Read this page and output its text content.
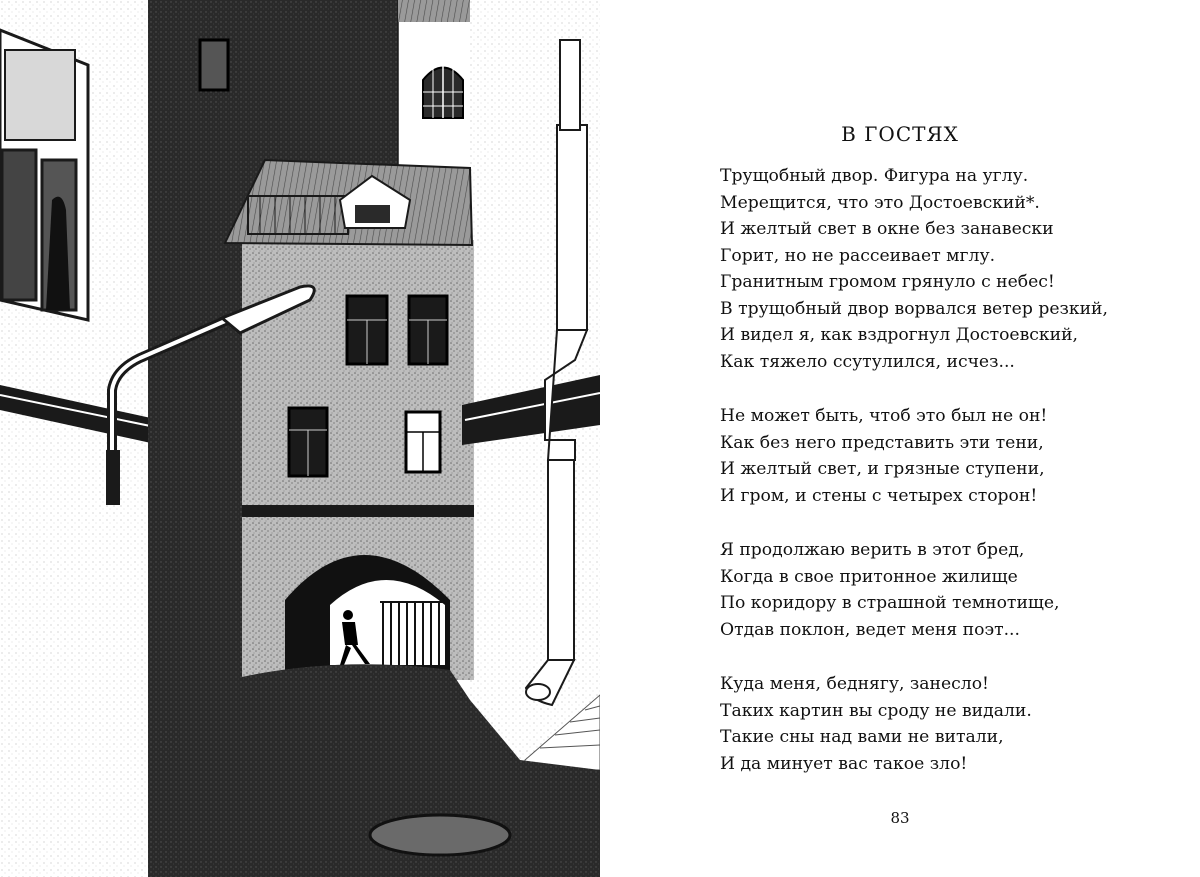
В ГОСТЯХ
Трущобный двор. Фигура на углу.
Мерещится, что это Достоевский*.
И желтый свет в окне без занавески
Горит, но не рассеивает мглу.
Гранитным громом грянуло с небес!
В трущобный двор ворвался ветер резкий,
И видел я, как вздрогнул Достоевский,
Как тяжело ссутулился, исчез...
Не может быть, чтоб это был не он!
Как без него представить эти тени,
И желтый свет, и грязные ступени,
И гром, и стены с четырех сторон!
Я продолжаю верить в этот бред,
Когда в свое притонное жилище
По коридору в страшной темнотище,
Отдав поклон, ведет меня поэт...
Куда меня, беднягу, занесло!
Таких картин вы сроду не видали.
Такие сны над вами не витали,
И да минует вас такое зло!
83
